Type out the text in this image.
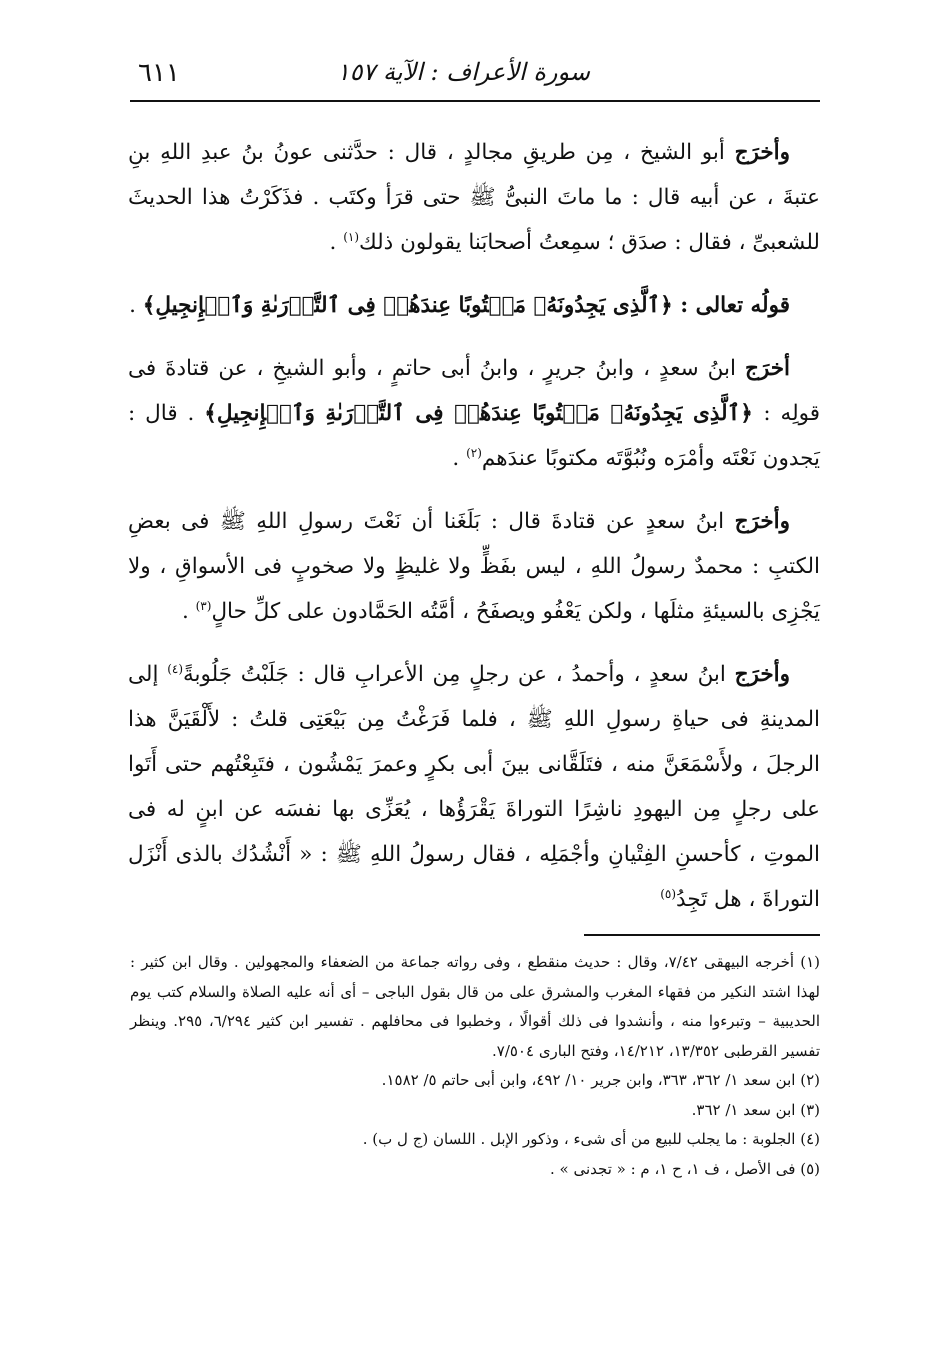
سورة الأعراف : الآية ١٥٧
٦١١

وأخرَج أبو الشيخ ، مِن طريقِ مجالدٍ ، قال : حدَّثنى عونُ بنُ عبدِ اللهِ بنِ عتبةَ ، عن أبيه قال : ما ماتَ النبىُّ ﷺ حتى قرَأ وكتَب . فذَكَرْتُ هذا الحديثَ للشعبىِّ ، فقال : صدَق ؛ سمِعتُ أصحابَنا يقولون ذلك$^{(١)}$ .

قولُه تعالى : ﴿ٱلَّذِى يَجِدُونَهُۥ مَكۡتُوبًا عِندَهُمۡ فِى ٱلتَّوۡرَىٰةِ وَٱلۡإِنجِيلِ﴾ .

أخرَج ابنُ سعدٍ ، وابنُ جريرٍ ، وابنُ أبى حاتمٍ ، وأبو الشيخِ ، عن قتادةَ فى قولِه : ﴿ٱلَّذِى يَجِدُونَهُۥ مَكۡتُوبًا عِندَهُمۡ فِى ٱلتَّوۡرَىٰةِ وَٱلۡإِنجِيلِ﴾ . قال : يَجدون نَعْتَه وأمْرَه ونُبُوَّتَه مكتوبًا عندَهم$^{(٢)}$ .

وأخرَج ابنُ سعدٍ عن قتادةَ قال : بَلَغَنا أن نَعْتَ رسولِ اللهِ ﷺ فى بعضِ الكتبِ : محمدٌ رسولُ اللهِ ، ليس بفَظٍّ ولا غليظٍ ولا صخوبٍ فى الأسواقِ ، ولا يَجْزِى بالسيئةِ مثلَها ، ولكن يَعْفُو ويصفَحُ ، أمَّتُه الحَمَّادون على كلِّ حالٍ$^{(٣)}$ .

وأخرَج ابنُ سعدٍ ، وأحمدُ ، عن رجلٍ مِن الأعرابِ قال : جَلَبْتُ جَلُوبةً$^{(٤)}$ إلى المدينةِ فى حياةِ رسولِ اللهِ ﷺ ، فلما فَرَغْتُ مِن بَيْعَتِى قلتُ : لأَلْقَيَنَّ هذا الرجلَ ، ولأَسْمَعَنَّ منه ، فتَلَقَّانى بينَ أبى بكرٍ وعمرَ يَمْشُون ، فتَبِعْتُهم حتى أَتَوا على رجلٍ مِن اليهودِ ناشِرًا التوراةَ يَقْرَؤُها ، يُعَزِّى بها نفسَه عن ابنٍ له فى الموتِ ، كأحسنِ الفِتْيانِ وأجْمَلِه ، فقال رسولُ اللهِ ﷺ : « أَنْشُدُك بالذى أَنْزَل التوراةَ ، هل تَجِدُ$^{(٥)}$

(١) أخرجه البيهقى ٧/٤٢، وقال : حديث منقطع ، وفى رواته جماعة من الضعفاء والمجهولين . وقال ابن كثير : لهذا اشتد النكير من فقهاء المغرب والمشرق على من قال بقول الباجى – أى أنه عليه الصلاة والسلام كتب يوم الحديبية – وتبرءوا منه ، وأنشدوا فى ذلك أقوالًا ، وخطبوا فى محافلهم . تفسير ابن كثير ٦/٢٩٤، ٢٩٥. وينظر تفسير القرطبى ١٣/٣٥٢، ١٤/٢١٢، وفتح البارى ٧/٥٠٤.

(٢) ابن سعد ١/ ٣٦٢، ٣٦٣، وابن جرير ١٠/ ٤٩٢، وابن أبى حاتم ٥/ ١٥٨٢.

(٣) ابن سعد ١/ ٣٦٢.

(٤) الجلوبة : ما يجلب للبيع من أى شىء ، وذكور الإبل . اللسان (ج ل ب) .

(٥) فى الأصل ، ف ١، ح ١، م : « تجدنى » .
